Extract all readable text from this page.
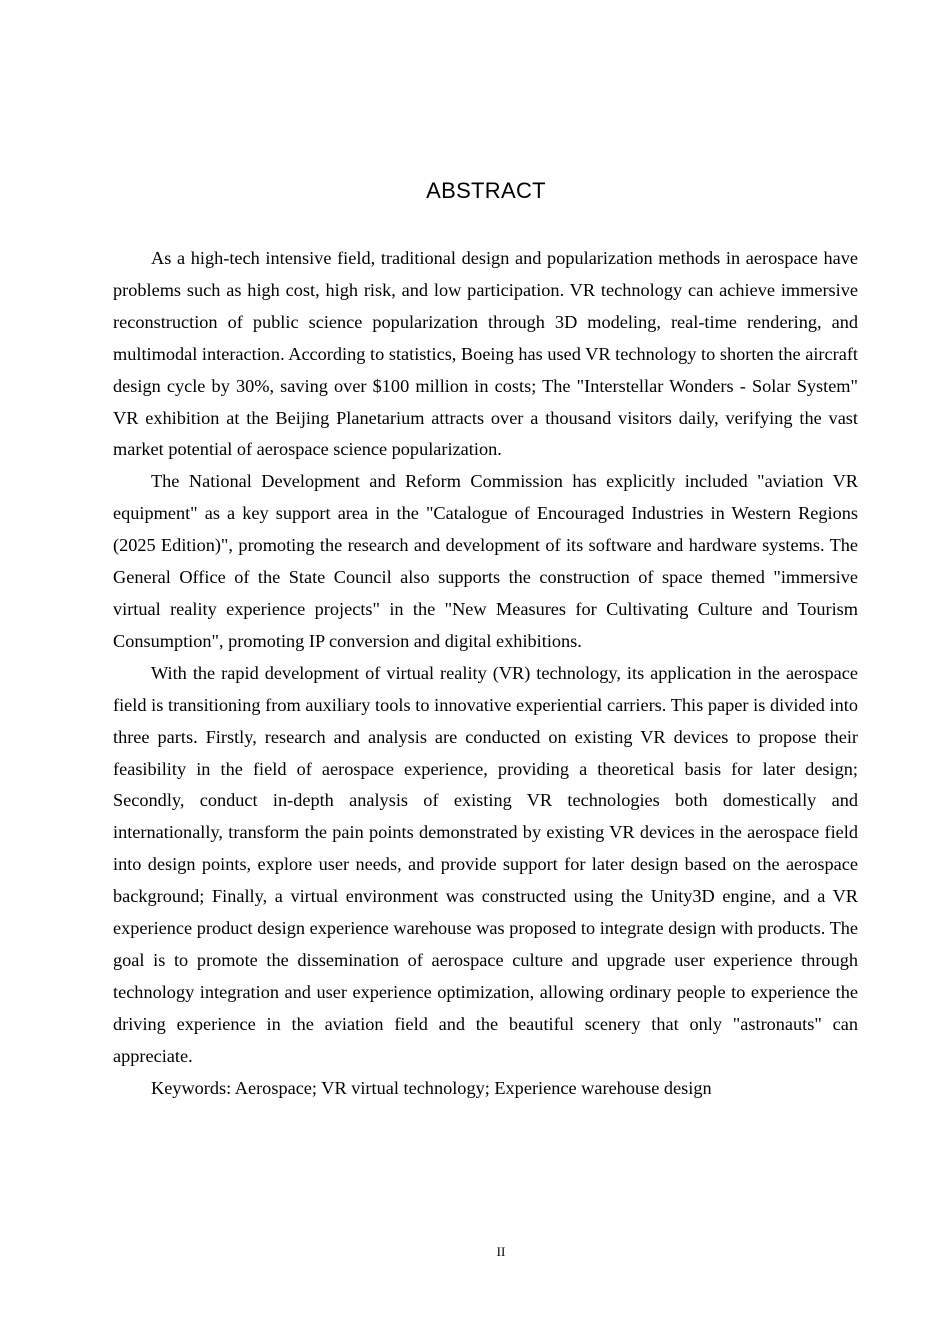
ABSTRACT

As a high-tech intensive field, traditional design and popularization methods in aerospace have problems such as high cost, high risk, and low participation. VR technology can achieve immersive reconstruction of public science popularization through 3D modeling, real-time rendering, and multimodal interaction. According to statistics, Boeing has used VR technology to shorten the aircraft design cycle by 30%, saving over $100 million in costs; The "Interstellar Wonders - Solar System" VR exhibition at the Beijing Planetarium attracts over a thousand visitors daily, verifying the vast market potential of aerospace science popularization.

The National Development and Reform Commission has explicitly included "aviation VR equipment" as a key support area in the "Catalogue of Encouraged Industries in Western Regions (2025 Edition)", promoting the research and development of its software and hardware systems. The General Office of the State Council also supports the construction of space themed "immersive virtual reality experience projects" in the "New Measures for Cultivating Culture and Tourism Consumption", promoting IP conversion and digital exhibitions.

With the rapid development of virtual reality (VR) technology, its application in the aerospace field is transitioning from auxiliary tools to innovative experiential carriers. This paper is divided into three parts. Firstly, research and analysis are conducted on existing VR devices to propose their feasibility in the field of aerospace experience, providing a theoretical basis for later design; Secondly, conduct in-depth analysis of existing VR technologies both domestically and internationally, transform the pain points demonstrated by existing VR devices in the aerospace field into design points, explore user needs, and provide support for later design based on the aerospace background; Finally, a virtual environment was constructed using the Unity3D engine, and a VR experience product design experience warehouse was proposed to integrate design with products. The goal is to promote the dissemination of aerospace culture and upgrade user experience through technology integration and user experience optimization, allowing ordinary people to experience the driving experience in the aviation field and the beautiful scenery that only "astronauts" can appreciate.

Keywords: Aerospace; VR virtual technology; Experience warehouse design

II
